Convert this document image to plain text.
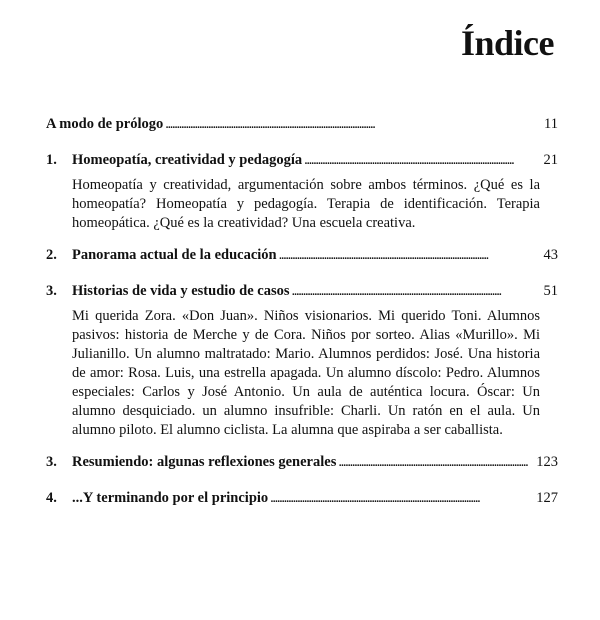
Índice
A modo de prólogo . . .	11
1.	Homeopatía, creatividad y pedagogía . . .	21

Homeopatía y creatividad, argumentación sobre ambos términos. ¿Qué es la homeopatía? Homeopatía y pedagogía. Terapia de identificación. Terapia homeopática. ¿Qué es la creatividad? Una escuela creativa.

2.	Panorama actual de la educación . . .	43
3.	Historias de vida y estudio de casos . . .	51

Mi querida Zora. «Don Juan». Niños visionarios. Mi querido Toni. Alumnos pasivos: historia de Merche y de Cora. Niños por sorteo. Alias «Murillo». Mi Julianillo. Un alumno maltratado: Mario. Alumnos perdidos: José. Una historia de amor: Rosa. Luis, una estrella apagada. Un alumno díscolo: Pedro. Alumnos especiales: Carlos y José Antonio. Un aula de auténtica locura. Óscar: Un alumno desquiciado. un alumno insufrible: Charli. Un ratón en el aula. Un alumno piloto. El alumno ciclista. La alumna que aspiraba a ser caballista.

3.	Resumiendo: algunas reflexiones generales . . .	123
4.	...Y terminando por el principio . . .	127
